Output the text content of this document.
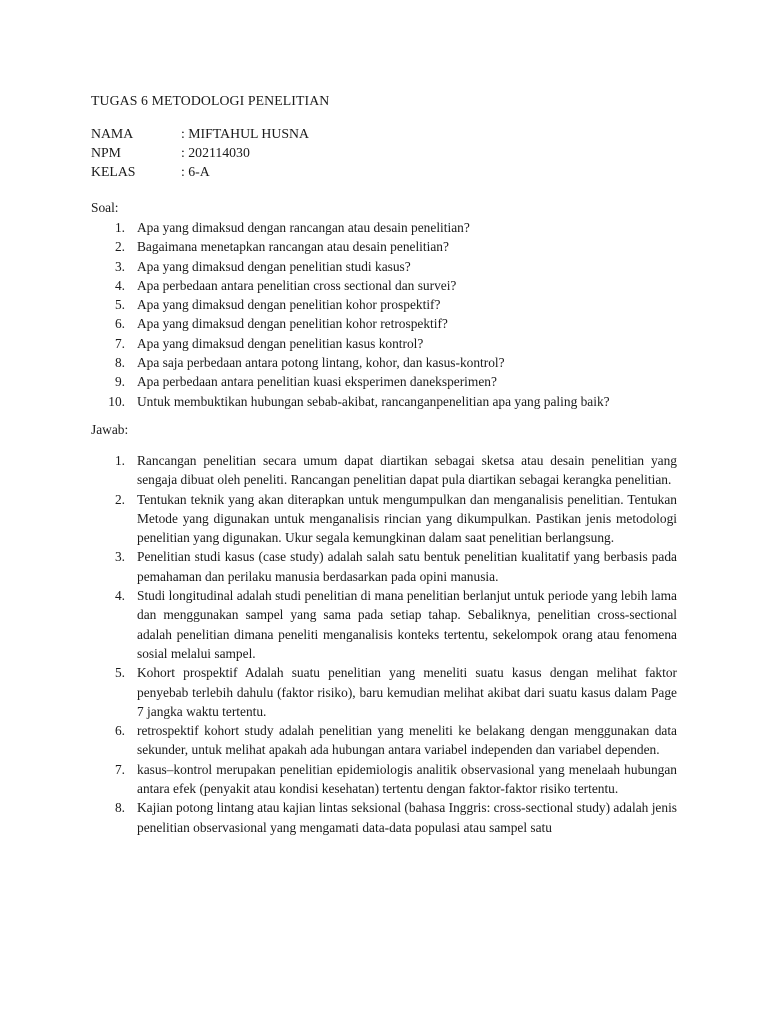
TUGAS 6 METODOLOGI PENELITIAN
NAMA	: MIFTAHUL HUSNA
NPM	: 202114030
KELAS	: 6-A
Soal:
1. Apa yang dimaksud dengan rancangan atau desain penelitian?
2. Bagaimana menetapkan rancangan atau desain penelitian?
3. Apa yang dimaksud dengan penelitian studi kasus?
4. Apa perbedaan antara penelitian cross sectional dan survei?
5. Apa yang dimaksud dengan penelitian kohor prospektif?
6. Apa yang dimaksud dengan penelitian kohor retrospektif?
7. Apa yang dimaksud dengan penelitian kasus kontrol?
8. Apa saja perbedaan antara potong lintang, kohor, dan kasus-kontrol?
9. Apa perbedaan antara penelitian kuasi eksperimen daneksperimen?
10. Untuk membuktikan hubungan sebab-akibat, rancanganpenelitian apa yang paling baik?
Jawab:
1. Rancangan penelitian secara umum dapat diartikan sebagai sketsa atau desain penelitian yang sengaja dibuat oleh peneliti. Rancangan penelitian dapat pula diartikan sebagai kerangka penelitian.
2. Tentukan teknik yang akan diterapkan untuk mengumpulkan dan menganalisis penelitian. Tentukan Metode yang digunakan untuk menganalisis rincian yang dikumpulkan. Pastikan jenis metodologi penelitian yang digunakan. Ukur segala kemungkinan dalam saat penelitian berlangsung.
3. Penelitian studi kasus (case study) adalah salah satu bentuk penelitian kualitatif yang berbasis pada pemahaman dan perilaku manusia berdasarkan pada opini manusia.
4. Studi longitudinal adalah studi penelitian di mana penelitian berlanjut untuk periode yang lebih lama dan menggunakan sampel yang sama pada setiap tahap. Sebaliknya, penelitian cross-sectional adalah penelitian dimana peneliti menganalisis konteks tertentu, sekelompok orang atau fenomena sosial melalui sampel.
5. Kohort prospektif Adalah suatu penelitian yang meneliti suatu kasus dengan melihat faktor penyebab terlebih dahulu (faktor risiko), baru kemudian melihat akibat dari suatu kasus dalam Page 7 jangka waktu tertentu.
6. retrospektif kohort study adalah penelitian yang meneliti ke belakang dengan menggunakan data sekunder, untuk melihat apakah ada hubungan antara variabel independen dan variabel dependen.
7. kasus–kontrol merupakan penelitian epidemiologis analitik observasional yang menelaah hubungan antara efek (penyakit atau kondisi kesehatan) tertentu dengan faktor-faktor risiko tertentu.
8. Kajian potong lintang atau kajian lintas seksional (bahasa Inggris: cross-sectional study) adalah jenis penelitian observasional yang mengamati data-data populasi atau sampel satu
